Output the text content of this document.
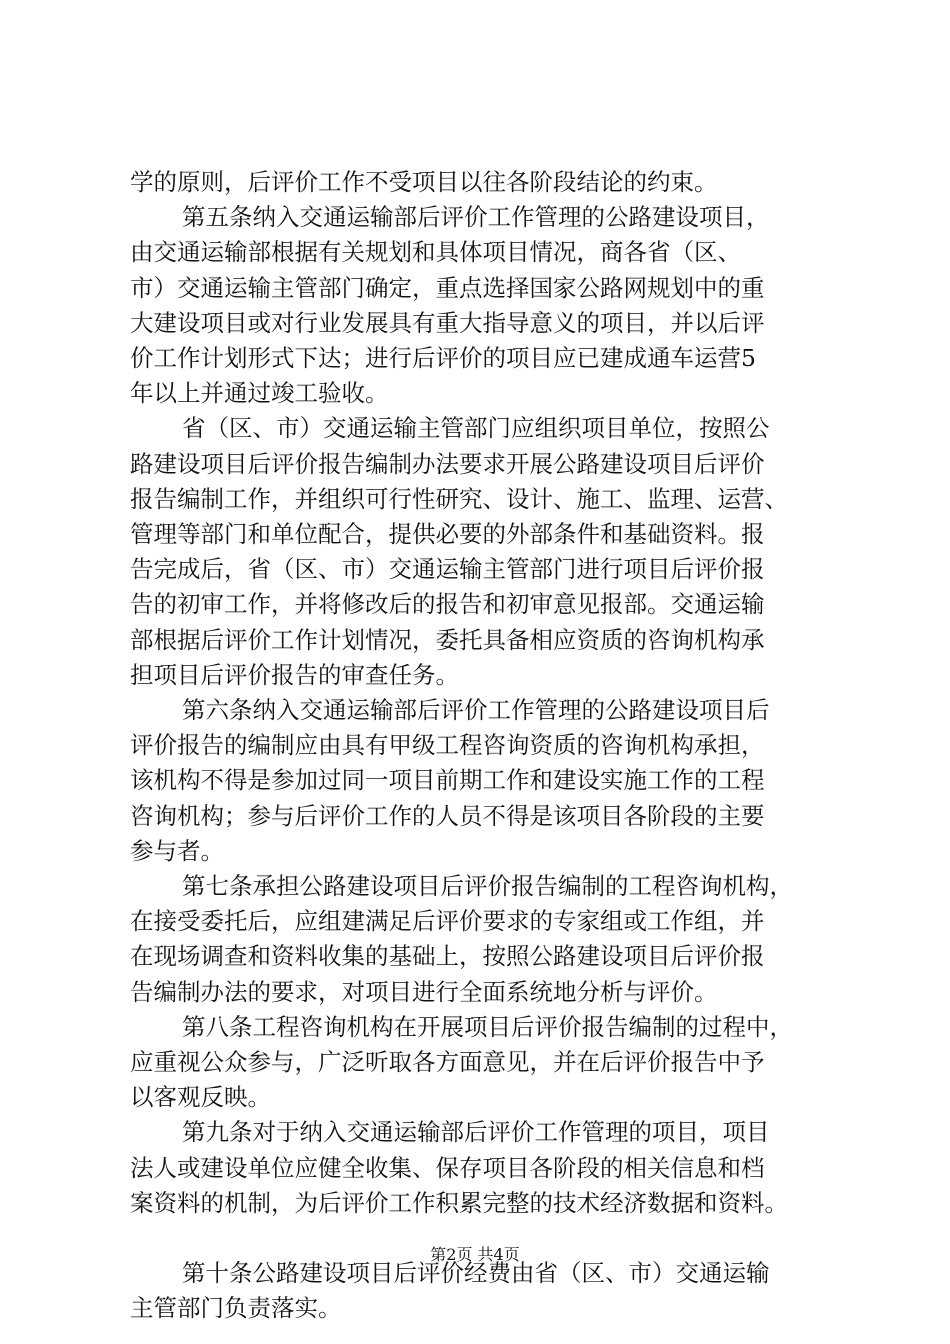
学的原则，后评价工作不受项目以往各阶段结论的约束。

第五条纳入交通运输部后评价工作管理的公路建设项目，

由交通运输部根据有关规划和具体项目情况，商各省（区、

市）交通运输主管部门确定，重点选择国家公路网规划中的重

大建设项目或对行业发展具有重大指导意义的项目，并以后评

价工作计划形式下达；进行后评价的项目应已建成通车运营5

年以上并通过竣工验收。

省（区、市）交通运输主管部门应组织项目单位，按照公

路建设项目后评价报告编制办法要求开展公路建设项目后评价

报告编制工作，并组织可行性研究、设计、施工、监理、运营、

管理等部门和单位配合，提供必要的外部条件和基础资料。报

告完成后，省（区、市）交通运输主管部门进行项目后评价报

告的初审工作，并将修改后的报告和初审意见报部。交通运输

部根据后评价工作计划情况，委托具备相应资质的咨询机构承

担项目后评价报告的审查任务。

第六条纳入交通运输部后评价工作管理的公路建设项目后

评价报告的编制应由具有甲级工程咨询资质的咨询机构承担，

该机构不得是参加过同一项目前期工作和建设实施工作的工程

咨询机构；参与后评价工作的人员不得是该项目各阶段的主要

参与者。

第七条承担公路建设项目后评价报告编制的工程咨询机构，

在接受委托后，应组建满足后评价要求的专家组或工作组，并

在现场调查和资料收集的基础上，按照公路建设项目后评价报

告编制办法的要求，对项目进行全面系统地分析与评价。

第八条工程咨询机构在开展项目后评价报告编制的过程中，

应重视公众参与，广泛听取各方面意见，并在后评价报告中予

以客观反映。

第九条对于纳入交通运输部后评价工作管理的项目，项目

法人或建设单位应健全收集、保存项目各阶段的相关信息和档

案资料的机制，为后评价工作积累完整的技术经济数据和资料。

第十条公路建设项目后评价经费由省（区、市）交通运输

主管部门负责落实。

第2页 共4页
